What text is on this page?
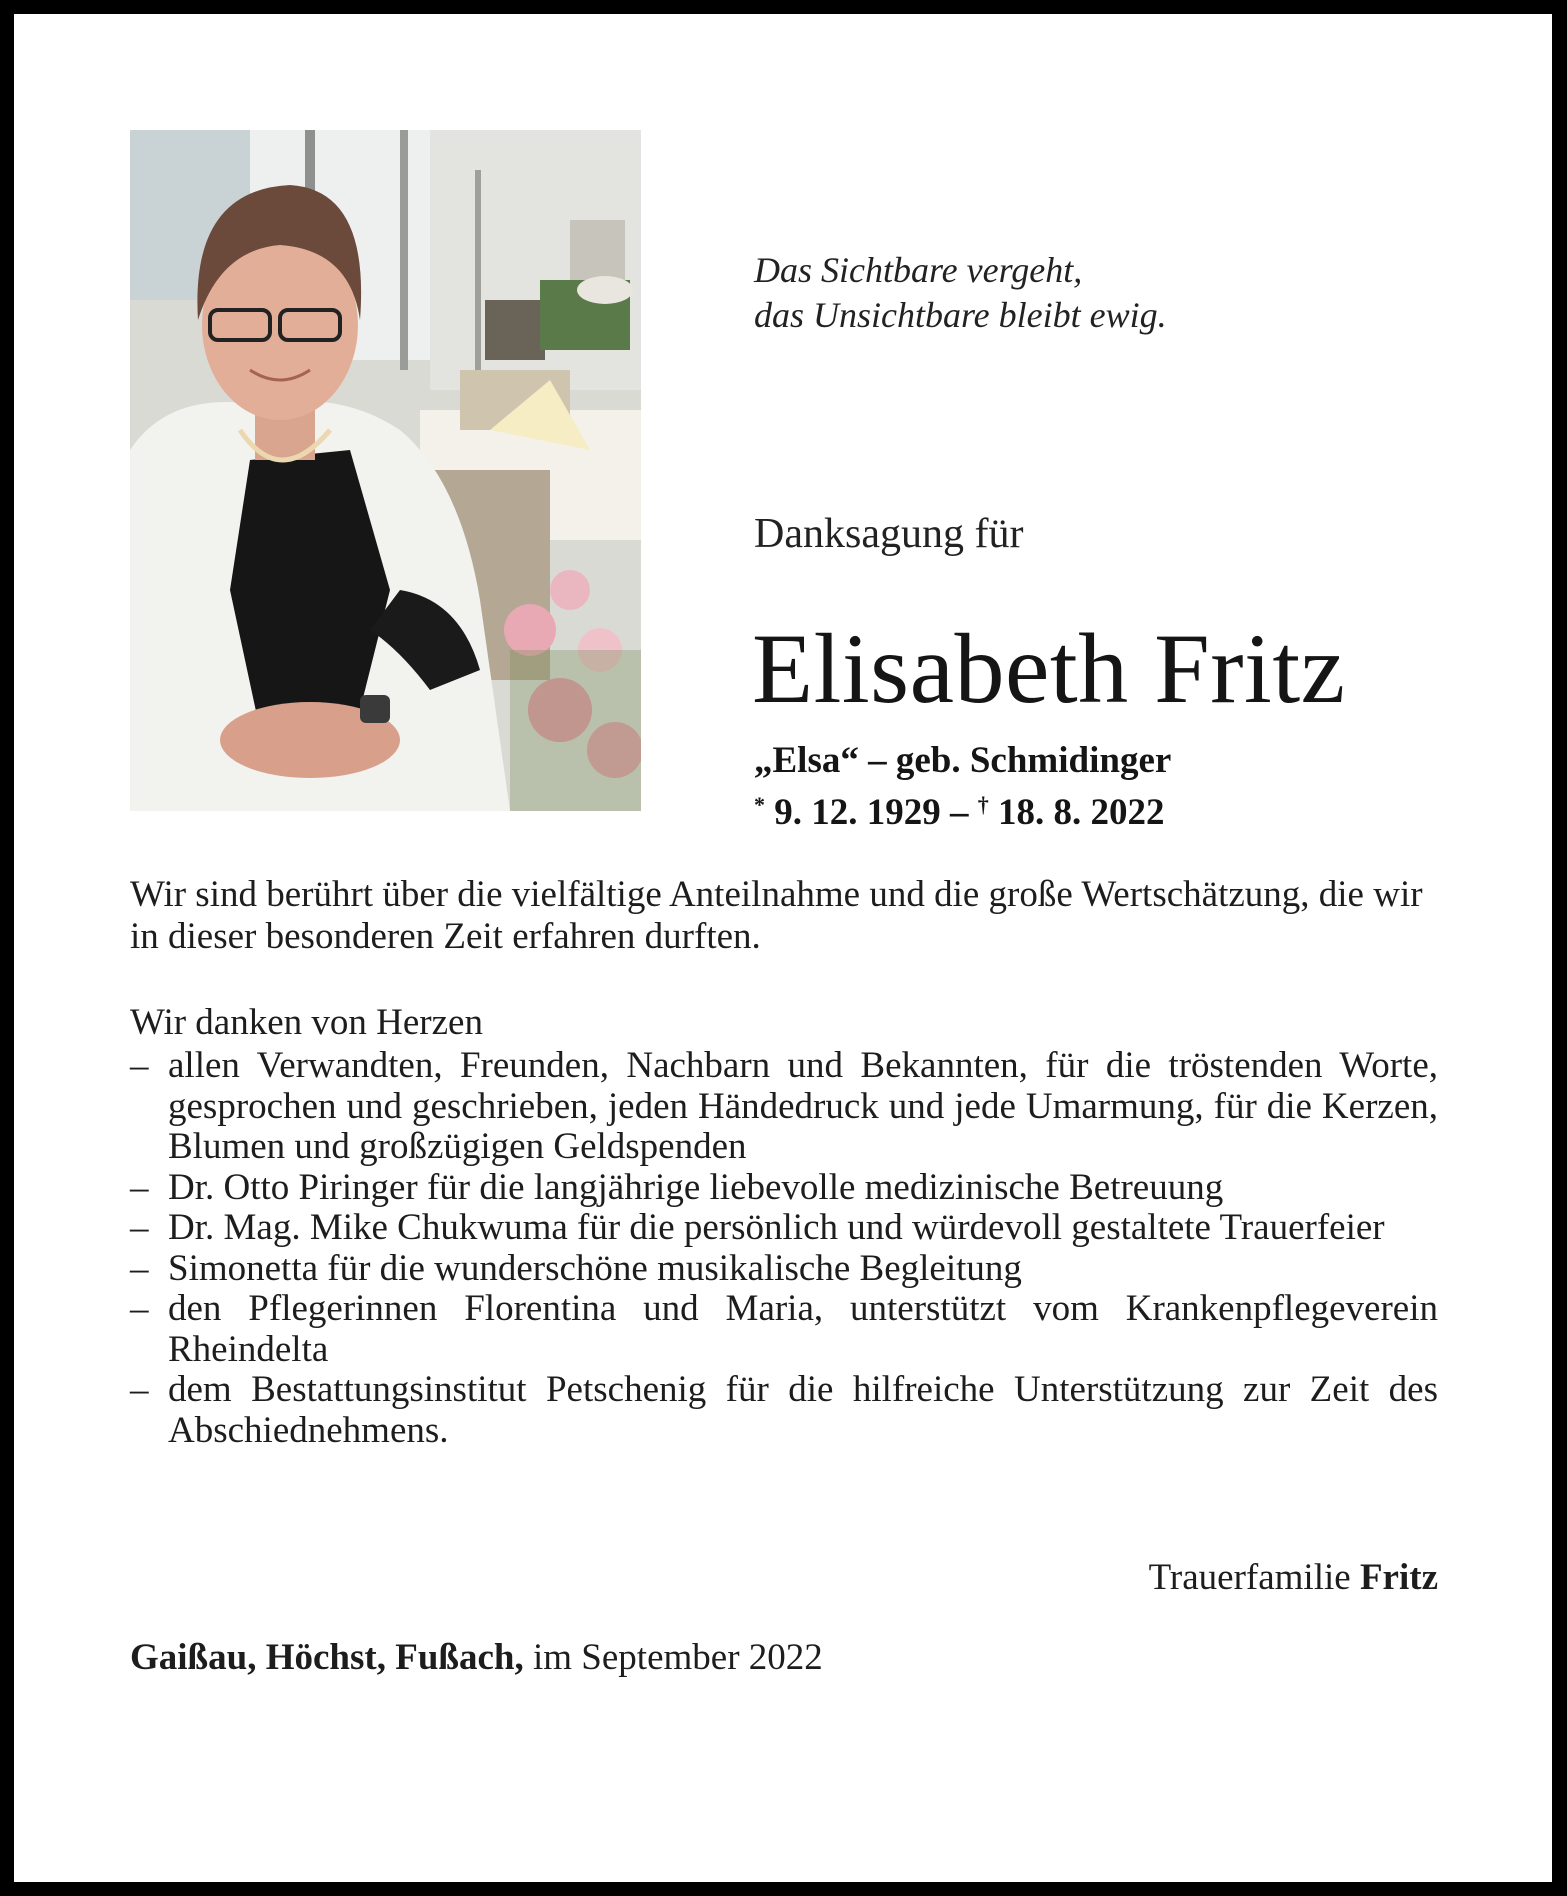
Das Sichtbare vergeht,
das Unsichtbare bleibt ewig.
Danksagung für
Elisabeth Fritz
„Elsa“ – geb. Schmidinger
* 9. 12. 1929 – † 18. 8. 2022

Wir sind berührt über die vielfältige Anteilnahme und die große Wertschätzung, die wir in dieser besonderen Zeit erfahren durften.

Wir danken von Herzen

– allen Verwandten, Freunden, Nachbarn und Bekannten, für die tröstenden Worte, gesprochen und geschrieben, jeden Händedruck und jede Umarmung, für die Kerzen, Blumen und großzügigen Geldspenden
– Dr. Otto Piringer für die langjährige liebevolle medizinische Betreuung
– Dr. Mag. Mike Chukwuma für die persönlich und würdevoll gestaltete Trauerfeier
– Simonetta für die wunderschöne musikalische Begleitung
– den Pflegerinnen Florentina und Maria, unterstützt vom Krankenpflegeverein Rheindelta
– dem Bestattungsinstitut Petschenig für die hilfreiche Unterstützung zur Zeit des Abschiednehmens.
Trauerfamilie Fritz
Gaißau, Höchst, Fußach, im September 2022
